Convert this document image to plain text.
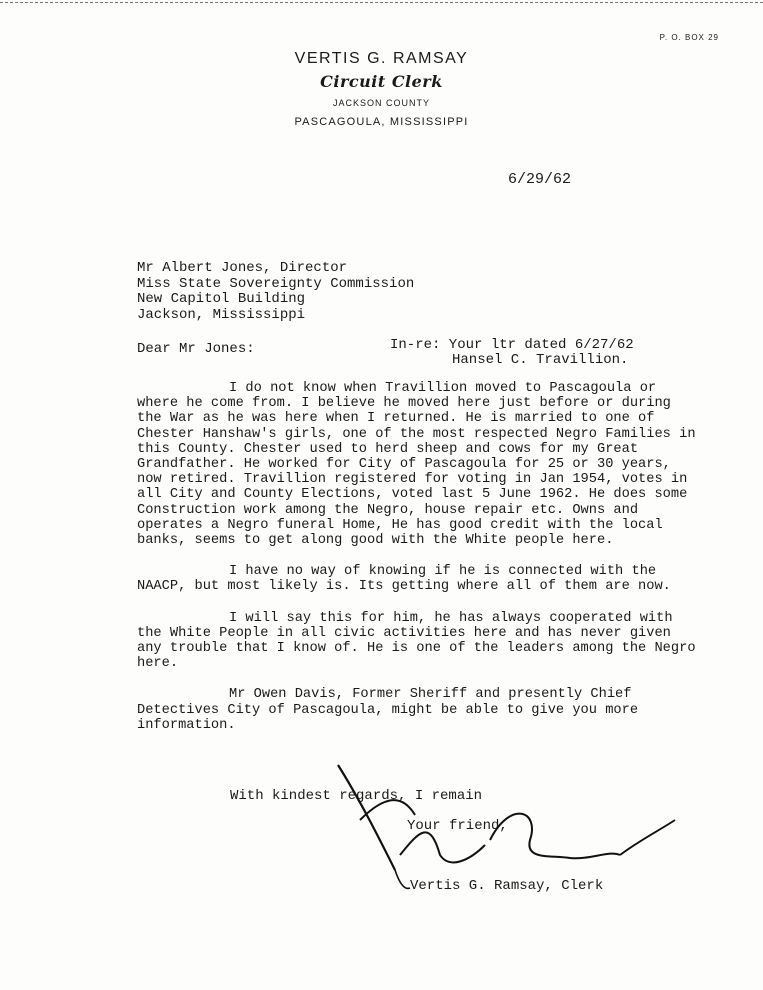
P. O. BOX 29
VERTIS G. RAMSAY
Circuit Clerk
JACKSON COUNTY
PASCAGOULA, MISSISSIPPI
6/29/62
Mr Albert Jones, Director
Miss State Sovereignty Commission
New Capitol Building
Jackson, Mississippi
Dear Mr Jones:	In-re: Your ltr dated 6/27/62
Hansel C. Travillion.

I do not know when Travillion moved to Pascagoula or where he come from. I believe he moved here just before or during the War as he was here when I returned. He is married to one of Chester Hanshaw's girls, one of the most respected Negro Families in this County. Chester used to herd sheep and cows for my Great Grandfather. He worked for City of Pascagoula for 25 or 30 years, now retired. Travillion registered for voting in Jan 1954, votes in all City and County Elections, voted last 5 June 1962. He does some Construction work among the Negro, house repair etc. Owns and operates a Negro funeral Home, He has good credit with the local banks, seems to get along good with the White people here.

I have no way of knowing if he is connected with the NAACP, but most likely is. Its getting where all of them are now.

I will say this for him, he has always cooperated with the White People in all civic activities here and has never given any trouble that I know of. He is one of the leaders among the Negro here.

Mr Owen Davis, Former Sheriff and presently Chief Detectives City of Pascagoula, might be able to give you more information.

With kindest regards, I remain
Your friend,
Vertis G. Ramsay, Clerk
